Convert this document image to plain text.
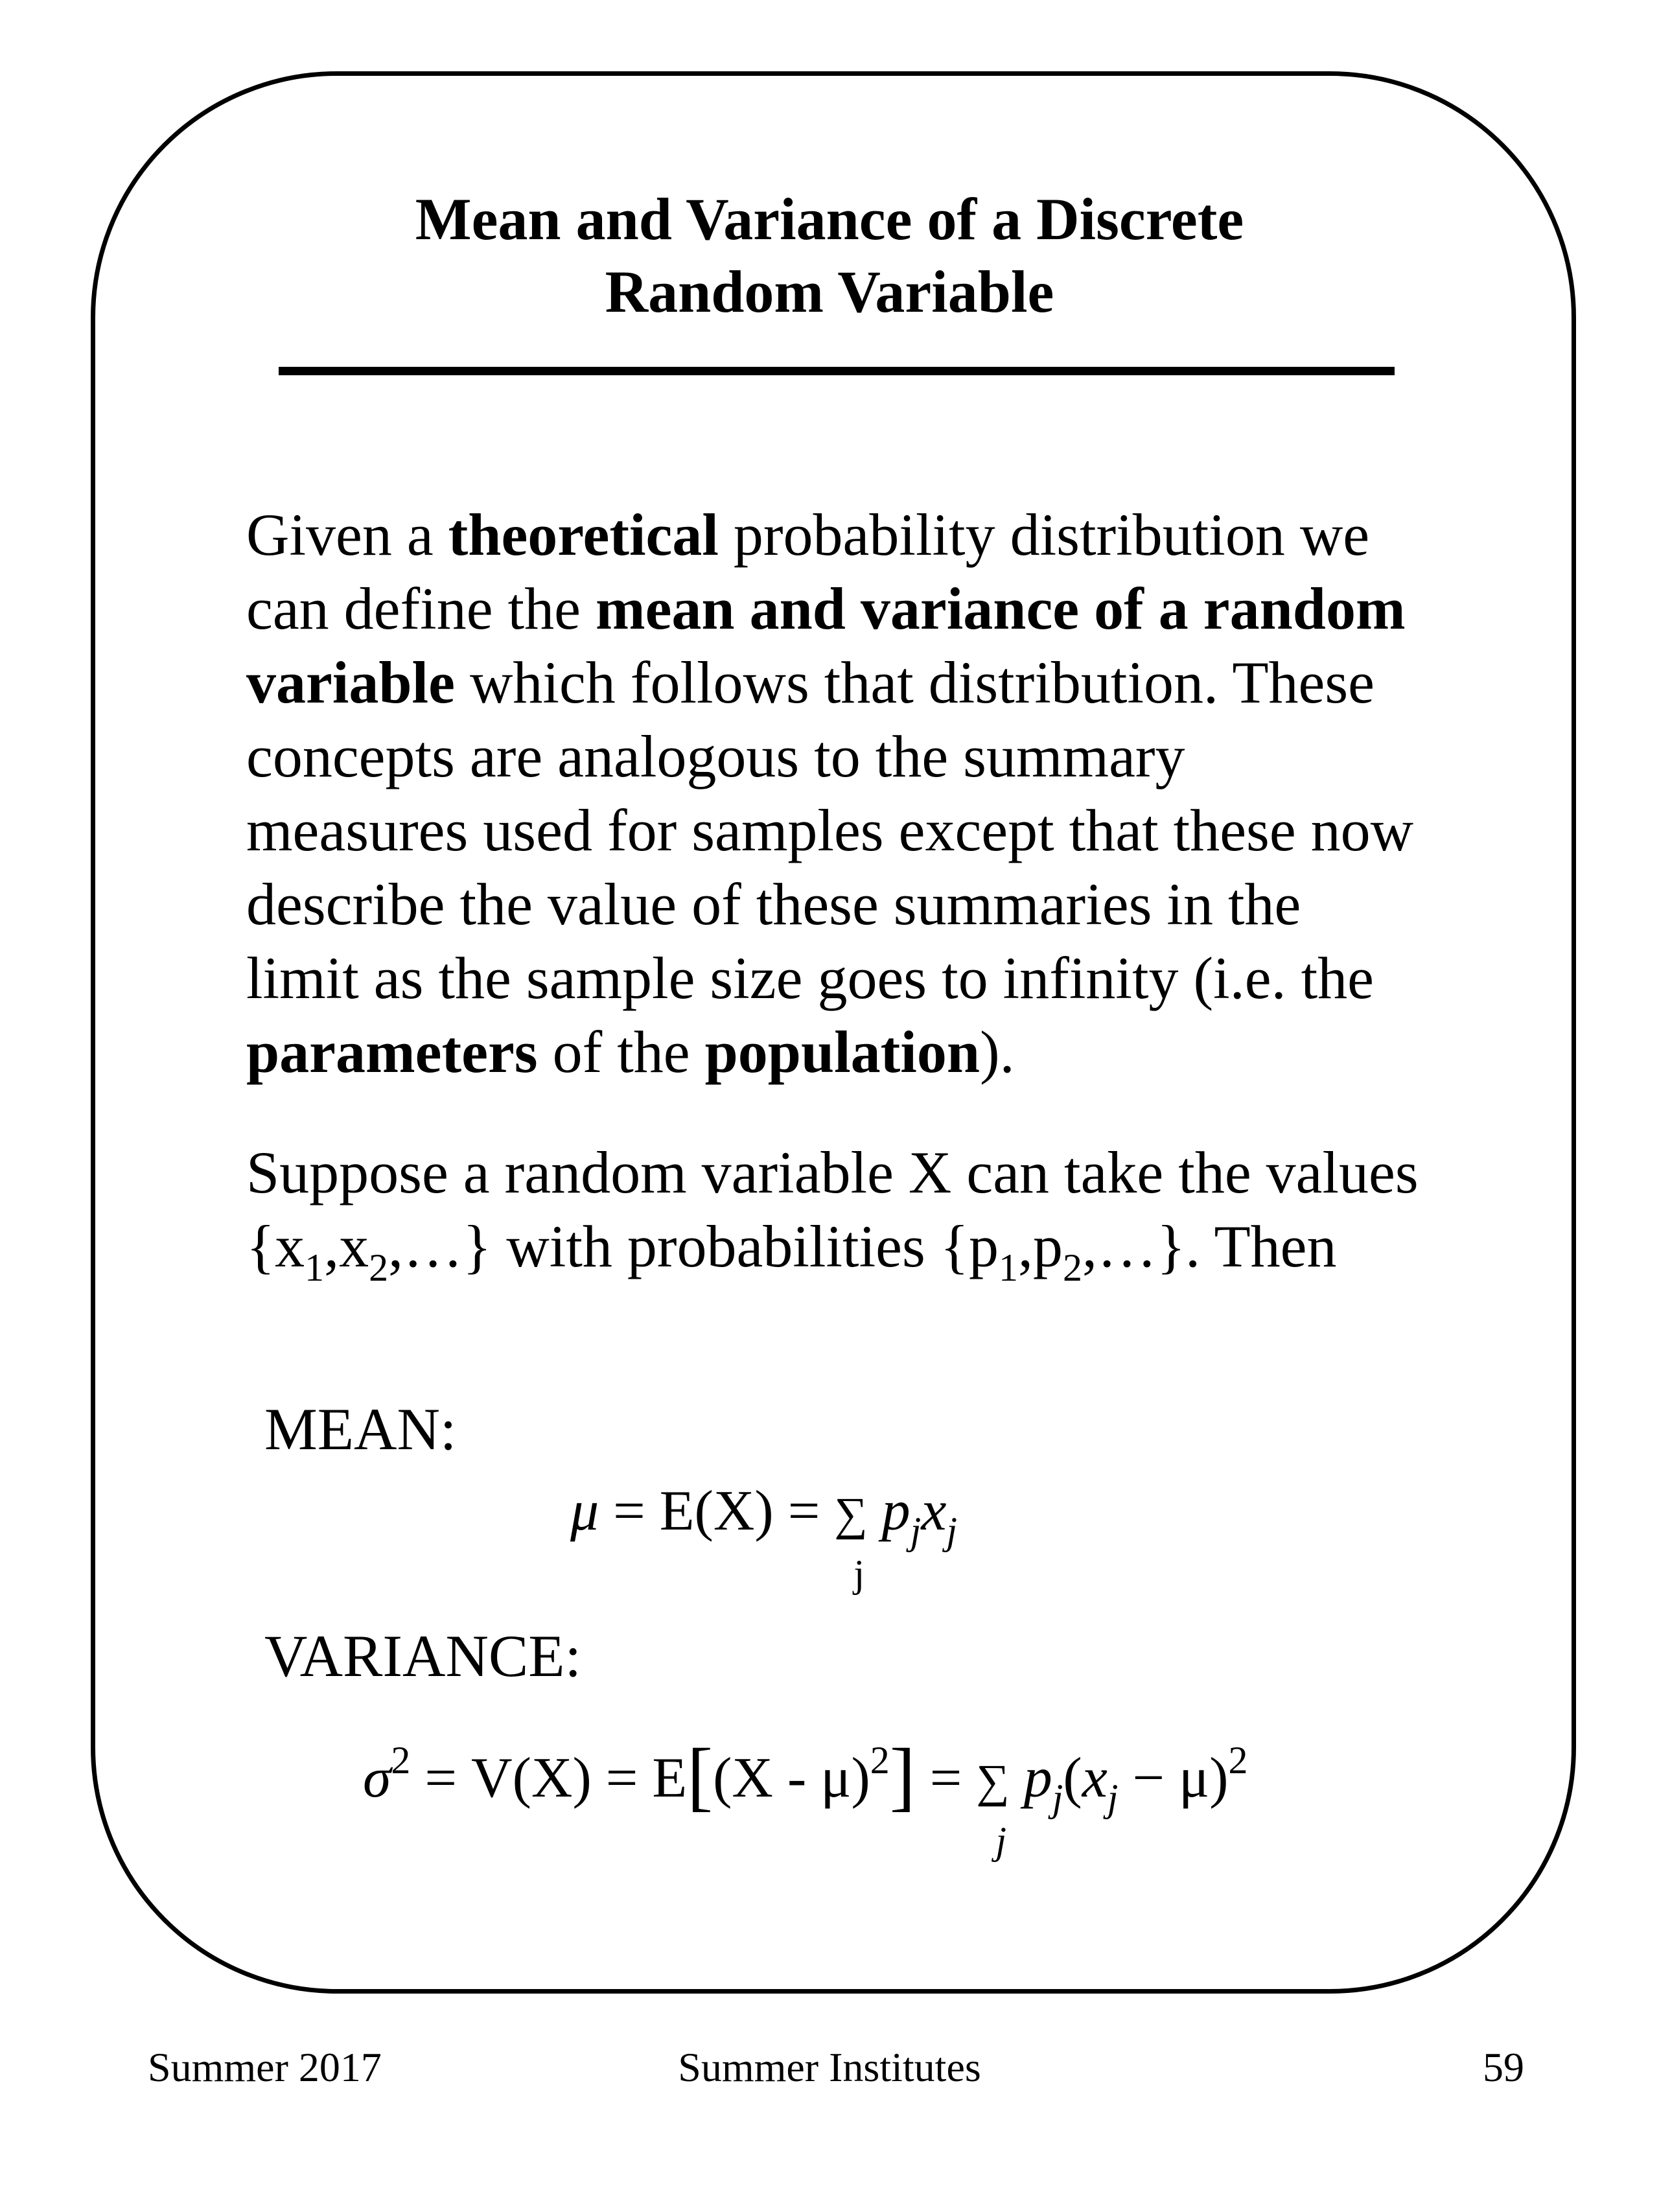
Mean and Variance of a Discrete
Random Variable
Given a theoretical probability distribution we
can define the mean and variance of a random
variable which follows that distribution. These
concepts are analogous to the summary
measures used for samples except that these now
describe the value of these summaries in the
limit as the sample size goes to infinity (i.e. the
parameters of the population).
Suppose a random variable X can take the values
$\{x_1,x_2,\dots\}$ with probabilities $\{p_1,p_2,\dots\}$. Then
MEAN:
μ = E(X) = ∑
j
$p_jx_j$
VARIANCE:
$\sigma^2 = V(X) = E[(X - \mu)^2]$ = ∑
j
$p_j(x_j - \mu)^2$
Summer 2017	Summer Institutes	59
